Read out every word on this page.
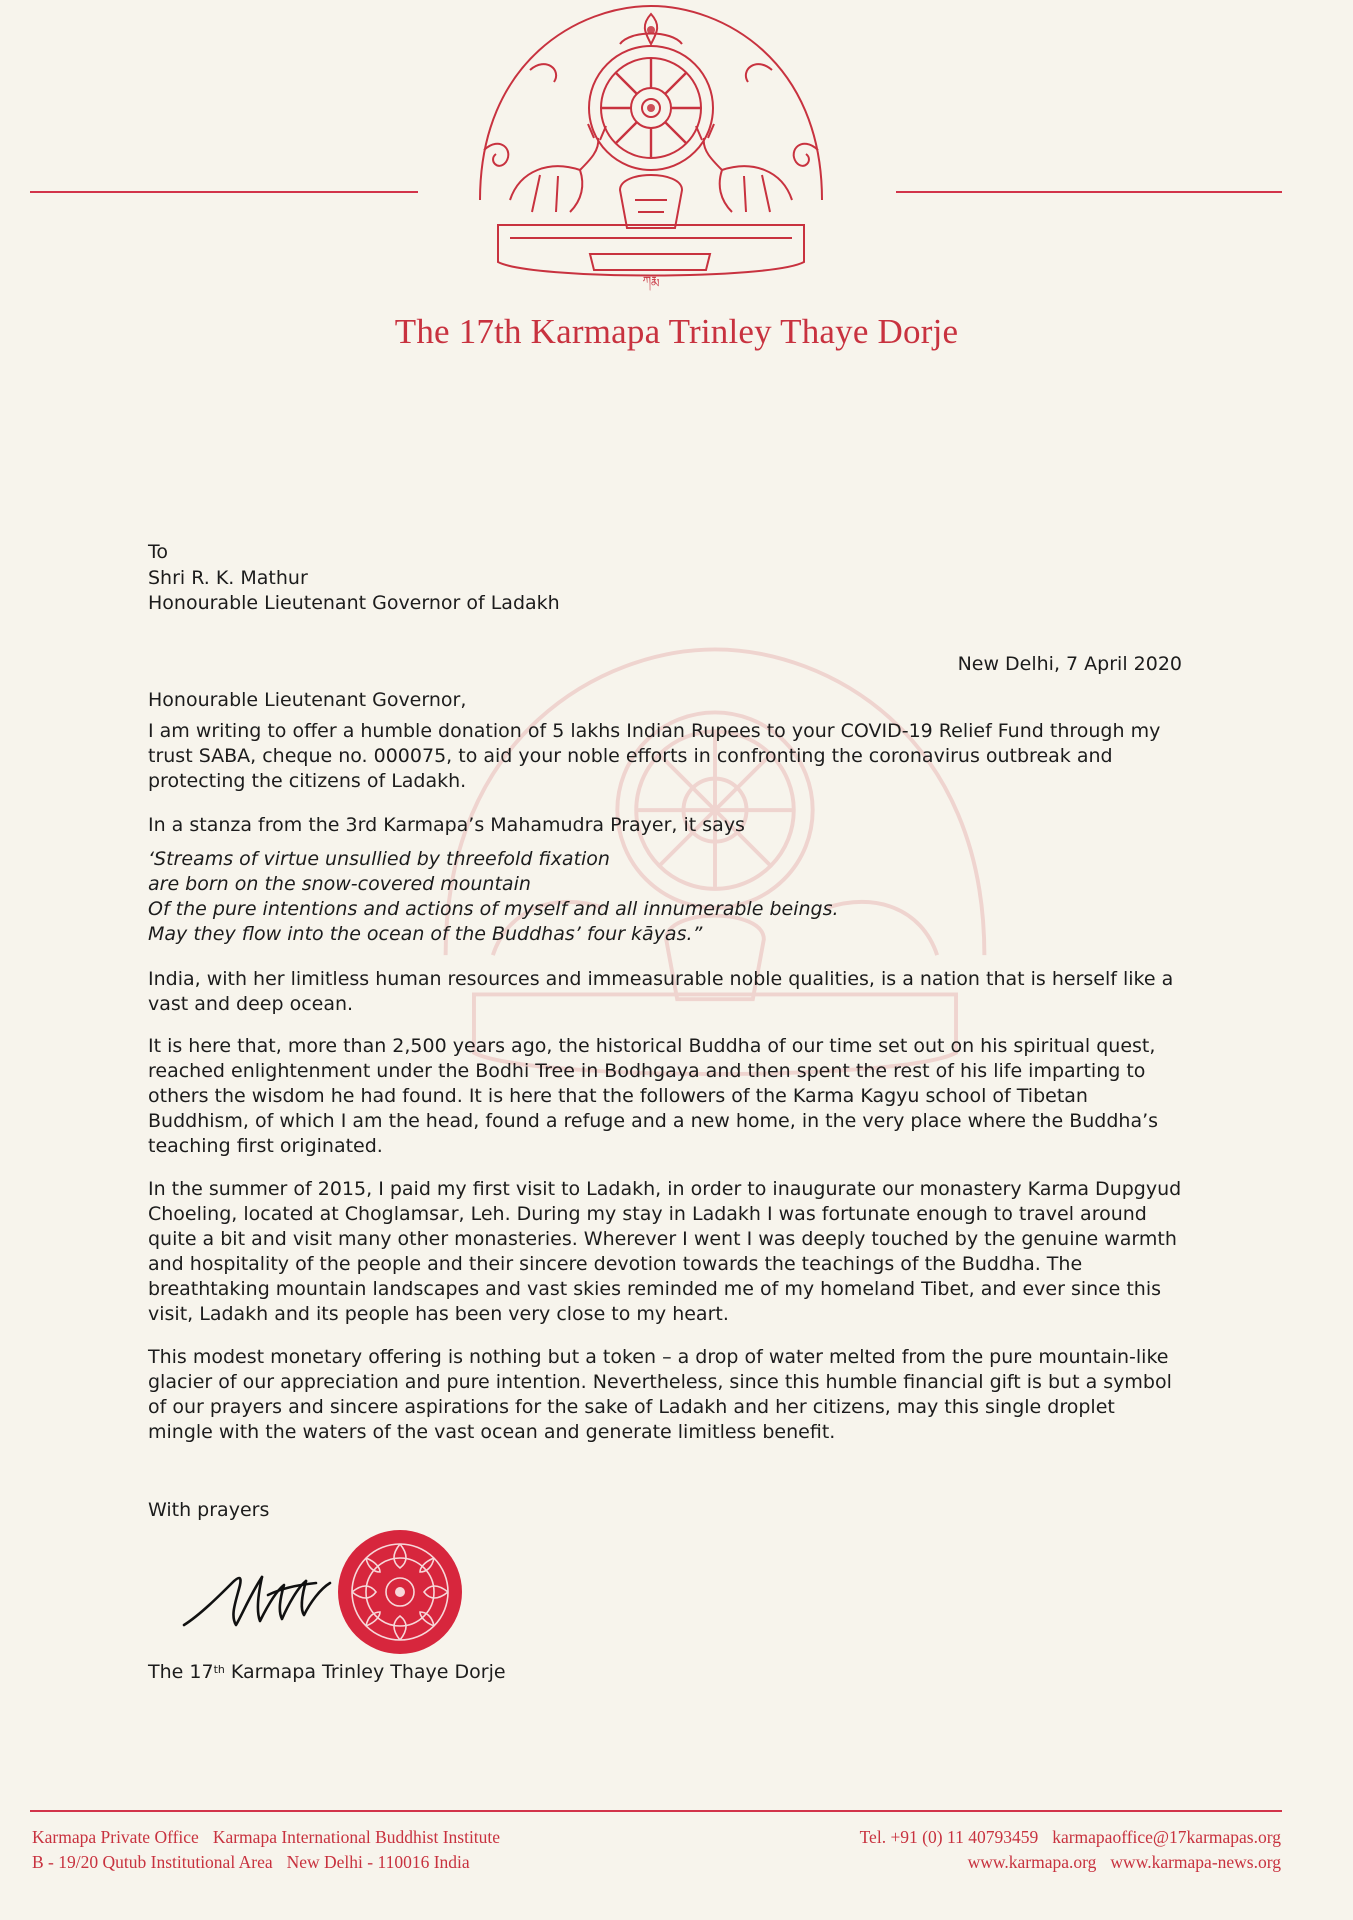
ཀརྨ
The 17th Karmapa Trinley Thaye Dorje
To
Shri R. K. Mathur
Honourable Lieutenant Governor of Ladakh
New Delhi, 7 April 2020
Honourable Lieutenant Governor,
I am writing to offer a humble donation of 5 lakhs Indian Rupees to your COVID-19 Relief Fund through my trust SABA, cheque no. 000075, to aid your noble efforts in confronting the coronavirus outbreak and protecting the citizens of Ladakh.
In a stanza from the 3rd Karmapa’s Mahamudra Prayer, it says
‘Streams of virtue unsullied by threefold fixation
are born on the snow-covered mountain
Of the pure intentions and actions of myself and all innumerable beings.
May they flow into the ocean of the Buddhas’ four kāyas.”
India, with her limitless human resources and immeasurable noble qualities, is a nation that is herself like a vast and deep ocean.
It is here that, more than 2,500 years ago, the historical Buddha of our time set out on his spiritual quest, reached enlightenment under the Bodhi Tree in Bodhgaya and then spent the rest of his life imparting to others the wisdom he had found. It is here that the followers of the Karma Kagyu school of Tibetan Buddhism, of which I am the head, found a refuge and a new home, in the very place where the Buddha’s teaching first originated.
In the summer of 2015, I paid my first visit to Ladakh, in order to inaugurate our monastery Karma Dupgyud Choeling, located at Choglamsar, Leh. During my stay in Ladakh I was fortunate enough to travel around quite a bit and visit many other monasteries. Wherever I went I was deeply touched by the genuine warmth and hospitality of the people and their sincere devotion towards the teachings of the Buddha. The breathtaking mountain landscapes and vast skies reminded me of my homeland Tibet, and ever since this visit, Ladakh and its people has been very close to my heart.
This modest monetary offering is nothing but a token – a drop of water melted from the pure mountain-like glacier of our appreciation and pure intention. Nevertheless, since this humble financial gift is but a symbol of our prayers and sincere aspirations for the sake of Ladakh and her citizens, may this single droplet mingle with the waters of the vast ocean and generate limitless benefit.
With prayers
The 17th Karmapa Trinley Thaye Dorje
Karmapa Private Office Karmapa International Buddhist Institute
B - 19/20 Qutub Institutional Area New Delhi - 110016 India
Tel. +91 (0) 11 40793459 karmapaoffice@17karmapas.org
www.karmapa.org www.karmapa-news.org
